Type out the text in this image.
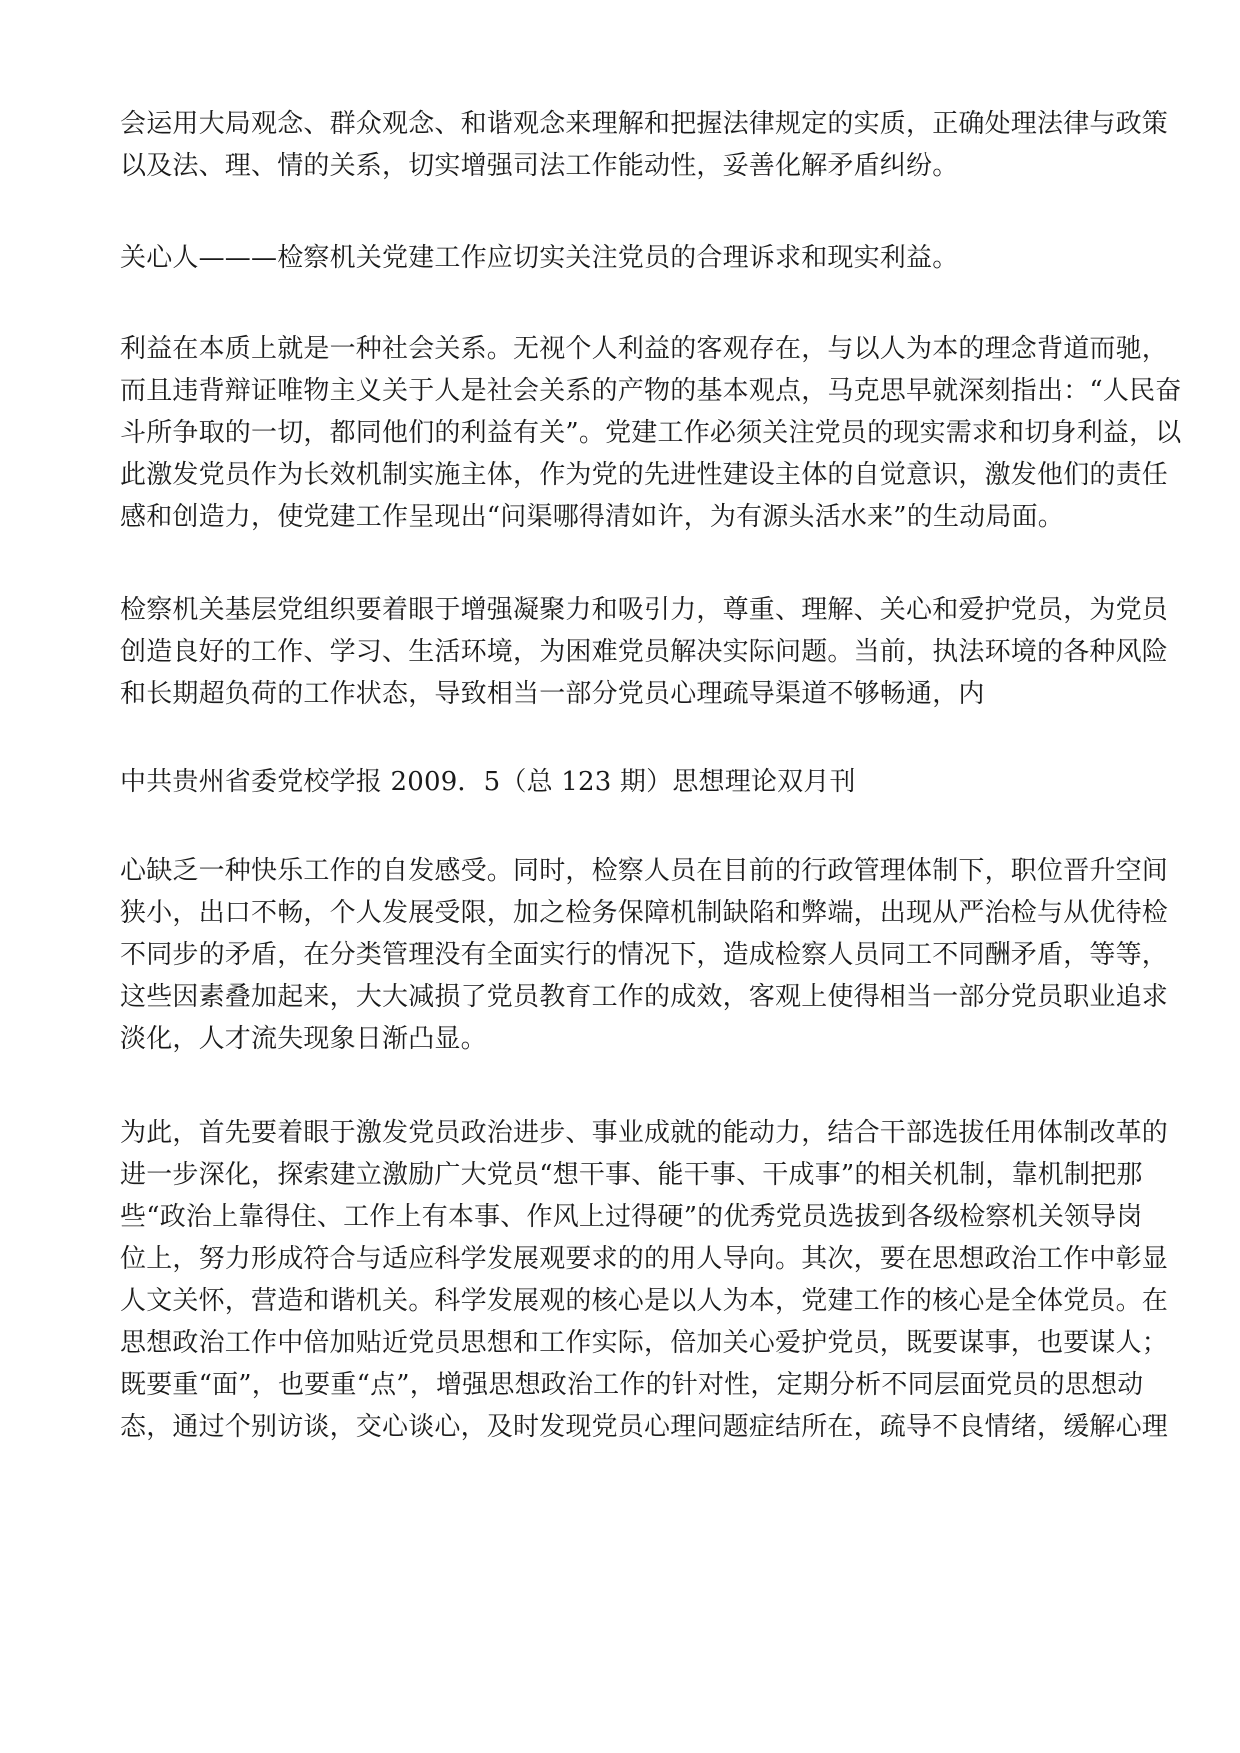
会运用大局观念、群众观念、和谐观念来理解和把握法律规定的实质，正确处理法律与政策
以及法、理、情的关系，切实增强司法工作能动性，妥善化解矛盾纠纷。
关心人———检察机关党建工作应切实关注党员的合理诉求和现实利益。
利益在本质上就是一种社会关系。无视个人利益的客观存在，与以人为本的理念背道而驰，
而且违背辩证唯物主义关于人是社会关系的产物的基本观点，马克思早就深刻指出：“人民奋
斗所争取的一切，都同他们的利益有关”。党建工作必须关注党员的现实需求和切身利益，以
此激发党员作为长效机制实施主体，作为党的先进性建设主体的自觉意识，激发他们的责任
感和创造力，使党建工作呈现出“问渠哪得清如许，为有源头活水来”的生动局面。
检察机关基层党组织要着眼于增强凝聚力和吸引力，尊重、理解、关心和爱护党员，为党员
创造良好的工作、学习、生活环境，为困难党员解决实际问题。当前，执法环境的各种风险
和长期超负荷的工作状态，导致相当一部分党员心理疏导渠道不够畅通，内
中共贵州省委党校学报 2009．5（总 123 期）思想理论双月刊
心缺乏一种快乐工作的自发感受。同时，检察人员在目前的行政管理体制下，职位晋升空间
狭小，出口不畅，个人发展受限，加之检务保障机制缺陷和弊端，出现从严治检与从优待检
不同步的矛盾，在分类管理没有全面实行的情况下，造成检察人员同工不同酬矛盾，等等，
这些因素叠加起来，大大减损了党员教育工作的成效，客观上使得相当一部分党员职业追求
淡化，人才流失现象日渐凸显。
为此，首先要着眼于激发党员政治进步、事业成就的能动力，结合干部选拔任用体制改革的
进一步深化，探索建立激励广大党员“想干事、能干事、干成事”的相关机制，靠机制把那
些“政治上靠得住、工作上有本事、作风上过得硬”的优秀党员选拔到各级检察机关领导岗
位上，努力形成符合与适应科学发展观要求的的用人导向。其次，要在思想政治工作中彰显
人文关怀，营造和谐机关。科学发展观的核心是以人为本，党建工作的核心是全体党员。在
思想政治工作中倍加贴近党员思想和工作实际，倍加关心爱护党员，既要谋事，也要谋人；
既要重“面”，也要重“点”，增强思想政治工作的针对性，定期分析不同层面党员的思想动
态，通过个别访谈，交心谈心，及时发现党员心理问题症结所在，疏导不良情绪，缓解心理
